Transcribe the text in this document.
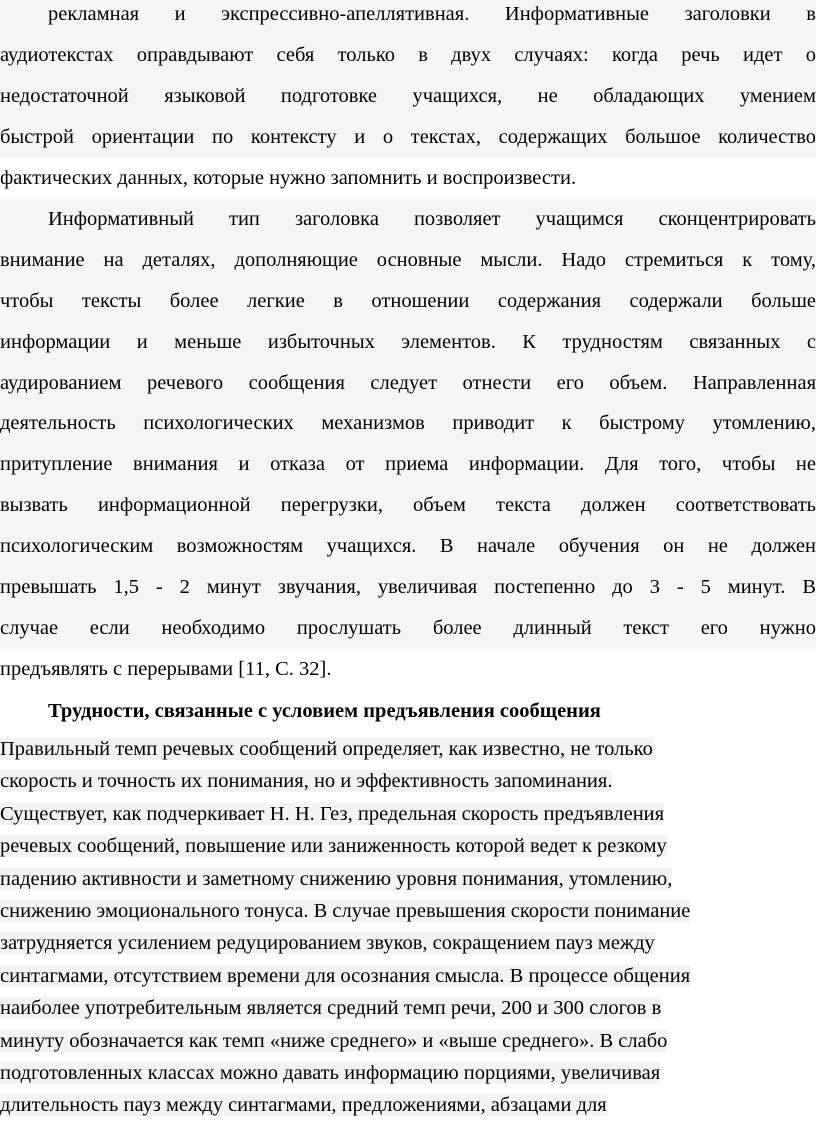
рекламная и экспрессивно-апеллятивная. Информативные заголовки в
аудиотекстах оправдывают себя только в двух случаях: когда речь идет о
недостаточной языковой подготовке учащихся, не обладающих умением
быстрой ориентации по контексту и о текстах, содержащих большое количество
фактических данных, которые нужно запомнить и воспроизвести.
Информативный тип заголовка позволяет учащимся сконцентрировать
внимание на деталях, дополняющие основные мысли. Надо стремиться к тому,
чтобы тексты более легкие в отношении содержания содержали больше
информации и меньше избыточных элементов. К трудностям связанных с
аудированием речевого сообщения следует отнести его объем. Направленная
деятельность психологических механизмов приводит к быстрому утомлению,
притупление внимания и отказа от приема информации. Для того, чтобы не
вызвать информационной перегрузки, объем текста должен соответствовать
психологическим возможностям учащихся. В начале обучения он не должен
превышать 1,5 - 2 минут звучания, увеличивая постепенно до 3 - 5 минут. В
случае если необходимо прослушать более длинный текст его нужно
предъявлять с перерывами [11, С. 32].
Трудности, связанные с условием предъявления сообщения
Правильный темп речевых сообщений определяет, как известно, не только
скорость и точность их понимания, но и эффективность запоминания.
Существует, как подчеркивает Н. Н. Гез, предельная скорость предъявления
речевых сообщений, повышение или заниженность которой ведет к резкому
падению активности и заметному снижению уровня понимания, утомлению,
снижению эмоционального тонуса. В случае превышения скорости понимание
затрудняется усилением редуцированием звуков, сокращением пауз между
синтагмами, отсутствием времени для осознания смысла. В процессе общения
наиболее употребительным является средний темп речи, 200 и 300 слогов в
минуту обозначается как темп «ниже среднего» и «выше среднего». В слабо
подготовленных классах можно давать информацию порциями, увеличивая
длительность пауз между синтагмами, предложениями, абзацами для
